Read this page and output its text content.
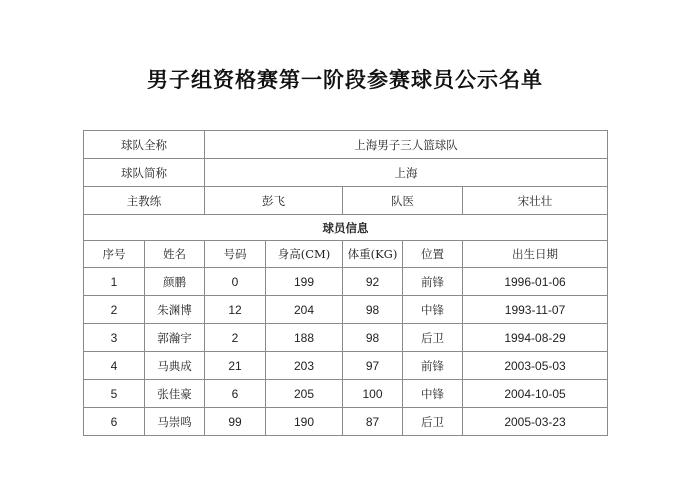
男子组资格赛第一阶段参赛球员公示名单
球队全称		上海男子三人篮球队				
球队简称		上海				
主教练		彭飞		队医		宋壮壮
球员信息						
序号	姓名	号码	身高(CM)	体重(KG)	位置	出生日期
1	颜鹏	0	199	92	前锋	1996-01-06
2	朱渊博	12	204	98	中锋	1993-11-07
3	郭瀚宇	2	188	98	后卫	1994-08-29
4	马典成	21	203	97	前锋	2003-05-03
5	张佳豪	6	205	100	中锋	2004-10-05
6	马崇鸣	99	190	87	后卫	2005-03-23
